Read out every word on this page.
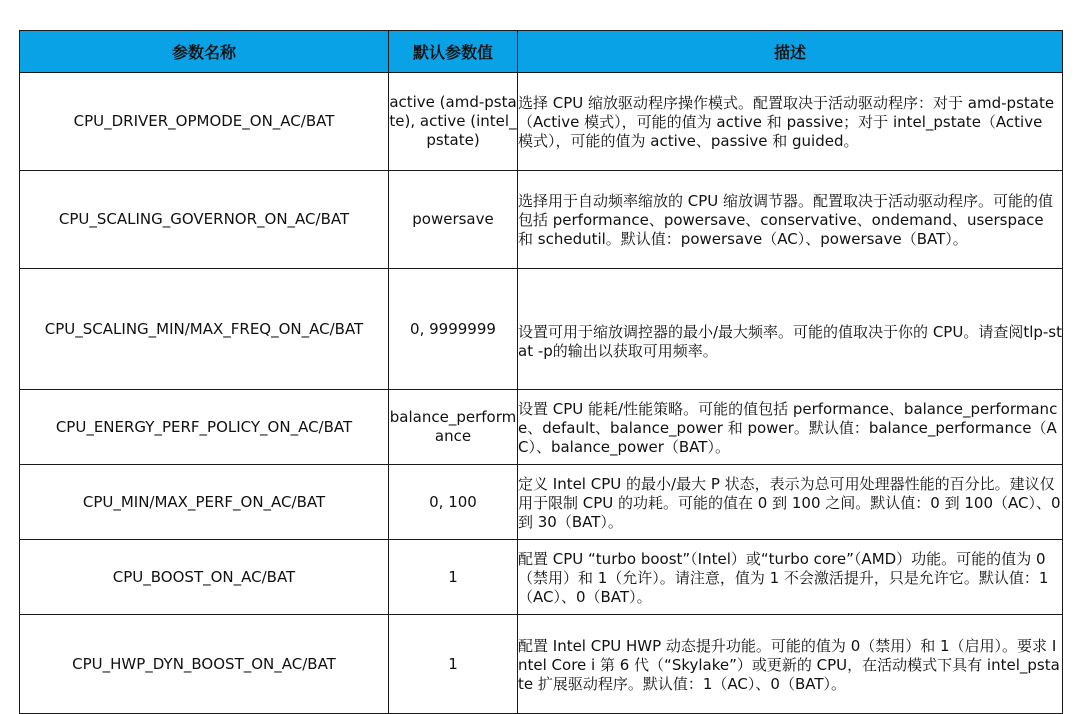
参数名称	默认参数值	描述
CPU_DRIVER_OPMODE_ON_AC/BAT	active (amd-pstate), active (intel_pstate)	选择 CPU 缩放驱动程序操作模式。配置取决于活动驱动程序：对于 amd-pstate（Active 模式），可能的值为 active 和 passive；对于 intel_pstate（Active 模式），可能的值为 active、passive 和 guided。
CPU_SCALING_GOVERNOR_ON_AC/BAT	powersave	选择用于自动频率缩放的 CPU 缩放调节器。配置取决于活动驱动程序。可能的值包括 performance、powersave、conservative、ondemand、userspace 和 schedutil。默认值：powersave（AC）、powersave（BAT）。
CPU_SCALING_MIN/MAX_FREQ_ON_AC/BAT	0, 9999999	设置可用于缩放调控器的最小/最大频率。可能的值取决于你的 CPU。请查阅tlp-stat -p的输出以获取可用频率。
CPU_ENERGY_PERF_POLICY_ON_AC/BAT	balance_performance	设置 CPU 能耗/性能策略。可能的值包括 performance、balance_performance、default、balance_power 和 power。默认值：balance_performance（AC）、balance_power（BAT）。
CPU_MIN/MAX_PERF_ON_AC/BAT	0, 100	定义 Intel CPU 的最小/最大 P 状态，表示为总可用处理器性能的百分比。建议仅用于限制 CPU 的功耗。可能的值在 0 到 100 之间。默认值：0 到 100（AC）、0 到 30（BAT）。
CPU_BOOST_ON_AC/BAT	1	配置 CPU “turbo boost”（Intel）或“turbo core”（AMD）功能。可能的值为 0（禁用）和 1（允许）。请注意，值为 1 不会激活提升，只是允许它。默认值：1（AC）、0（BAT）。
CPU_HWP_DYN_BOOST_ON_AC/BAT	1	配置 Intel CPU HWP 动态提升功能。可能的值为 0（禁用）和 1（启用）。要求 Intel Core i 第 6 代（“Skylake”）或更新的 CPU，在活动模式下具有 intel_pstate 扩展驱动程序。默认值：1（AC）、0（BAT）。
